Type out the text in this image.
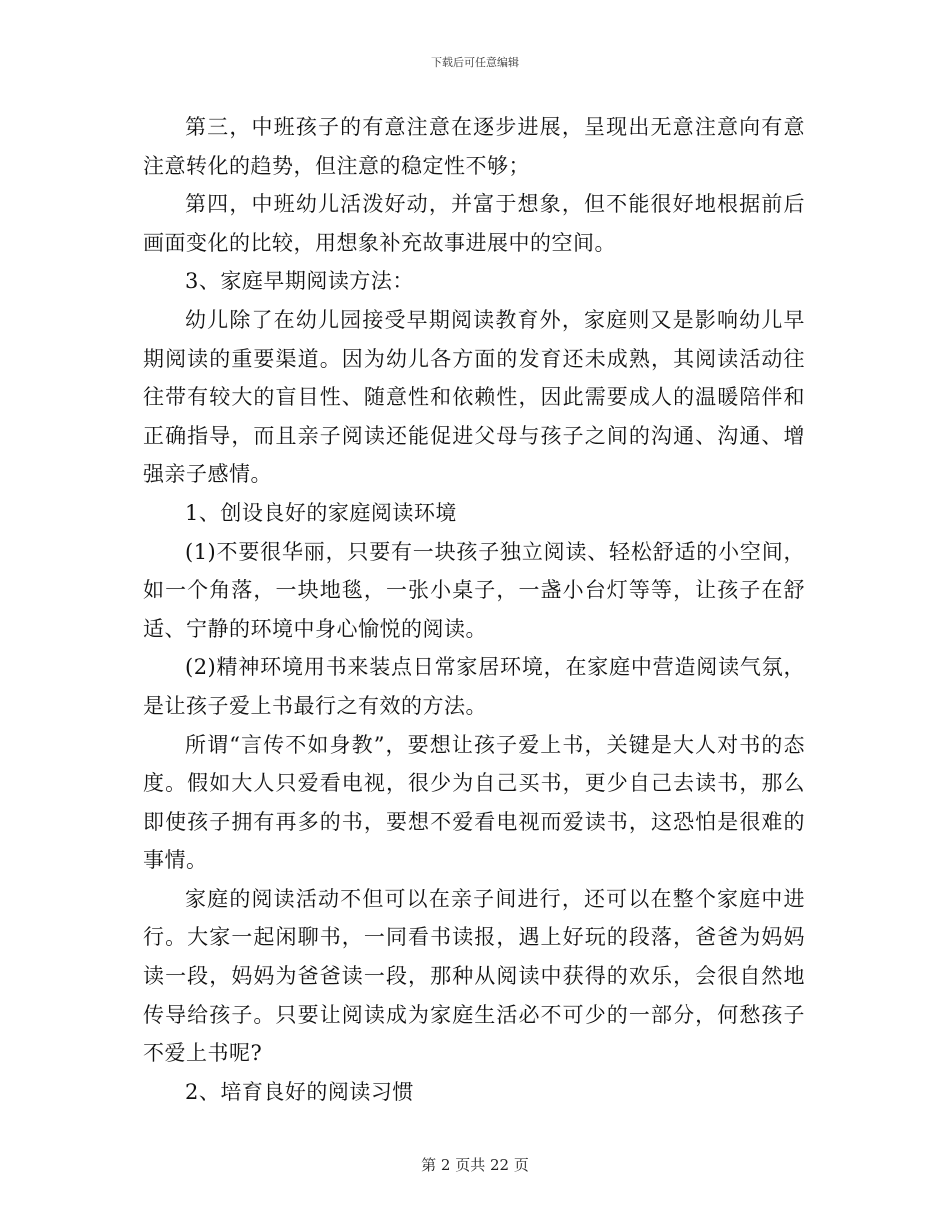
下载后可任意编辑

第三，中班孩子的有意注意在逐步进展，呈现出无意注意向有意注意转化的趋势，但注意的稳定性不够；

第四，中班幼儿活泼好动，并富于想象，但不能很好地根据前后画面变化的比较，用想象补充故事进展中的空间。

3、家庭早期阅读方法：

幼儿除了在幼儿园接受早期阅读教育外，家庭则又是影响幼儿早期阅读的重要渠道。因为幼儿各方面的发育还未成熟，其阅读活动往往带有较大的盲目性、随意性和依赖性，因此需要成人的温暖陪伴和正确指导，而且亲子阅读还能促进父母与孩子之间的沟通、沟通、增强亲子感情。

1、创设良好的家庭阅读环境

(1)不要很华丽，只要有一块孩子独立阅读、轻松舒适的小空间，如一个角落，一块地毯，一张小桌子，一盏小台灯等等，让孩子在舒适、宁静的环境中身心愉悦的阅读。

(2)精神环境用书来装点日常家居环境，在家庭中营造阅读气氛，是让孩子爱上书最行之有效的方法。

所谓“言传不如身教”，要想让孩子爱上书，关键是大人对书的态度。假如大人只爱看电视，很少为自己买书，更少自己去读书，那么即使孩子拥有再多的书，要想不爱看电视而爱读书，这恐怕是很难的事情。

家庭的阅读活动不但可以在亲子间进行，还可以在整个家庭中进行。大家一起闲聊书，一同看书读报，遇上好玩的段落，爸爸为妈妈读一段，妈妈为爸爸读一段，那种从阅读中获得的欢乐，会很自然地传导给孩子。只要让阅读成为家庭生活必不可少的一部分，何愁孩子不爱上书呢?

2、培育良好的阅读习惯

第 2 页共 22 页
